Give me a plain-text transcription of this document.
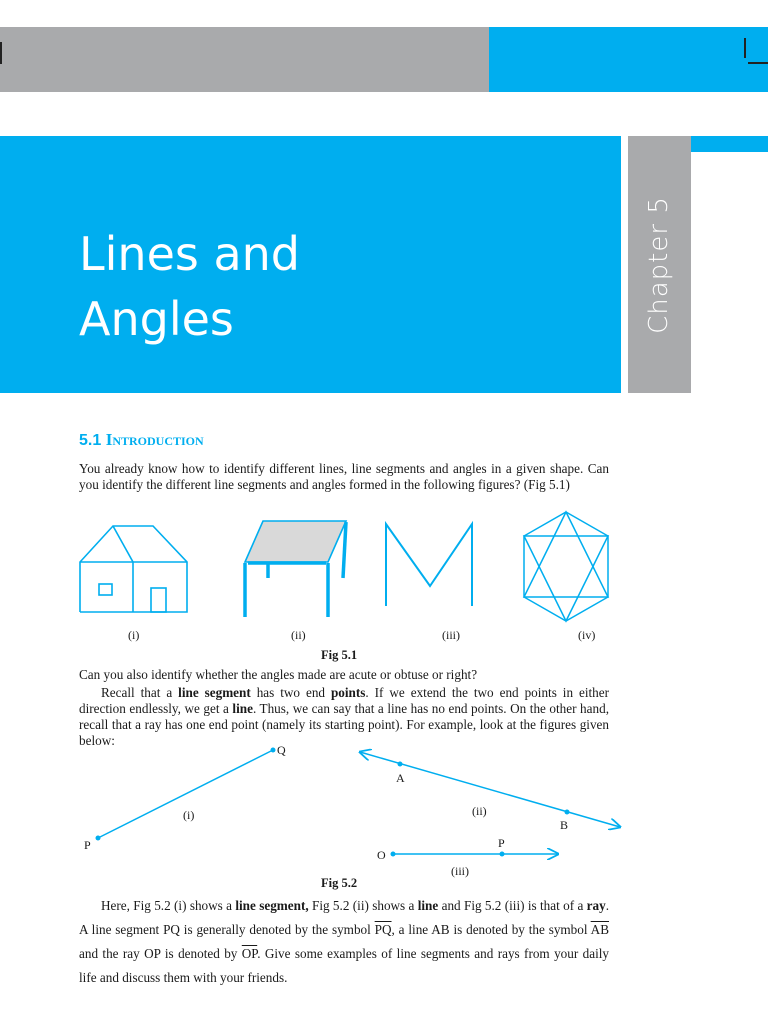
Chapter 5
Lines and
Angles
5.1 Introduction

You already know how to identify different lines, line segments and angles in a given shape. Can you identify the different line segments and angles formed in the following figures? (Fig 5.1)

(i)	(ii)	(iii)	(iv)
Fig 5.1

Can you also identify whether the angles made are acute or obtuse or right?

Recall that a line segment has two end points. If we extend the two end points in either direction endlessly, we get a line. Thus, we can say that a line has no end points. On the other hand, recall that a ray has one end point (namely its starting point). For example, look at the figures given below:

P
Q
A
B
O
P
(i)	(ii)
(iii)
Fig 5.2

Here, Fig 5.2 (i) shows a line segment, Fig 5.2 (ii) shows a line and Fig 5.2 (iii) is that of a ray. A line segment PQ is generally denoted by the symbol $\overline{PQ}$, a line AB is denoted by the symbol $\overline{AB}$ and the ray OP is denoted by $\overline{OP}$. Give some examples of line segments and rays from your daily life and discuss them with your friends.
